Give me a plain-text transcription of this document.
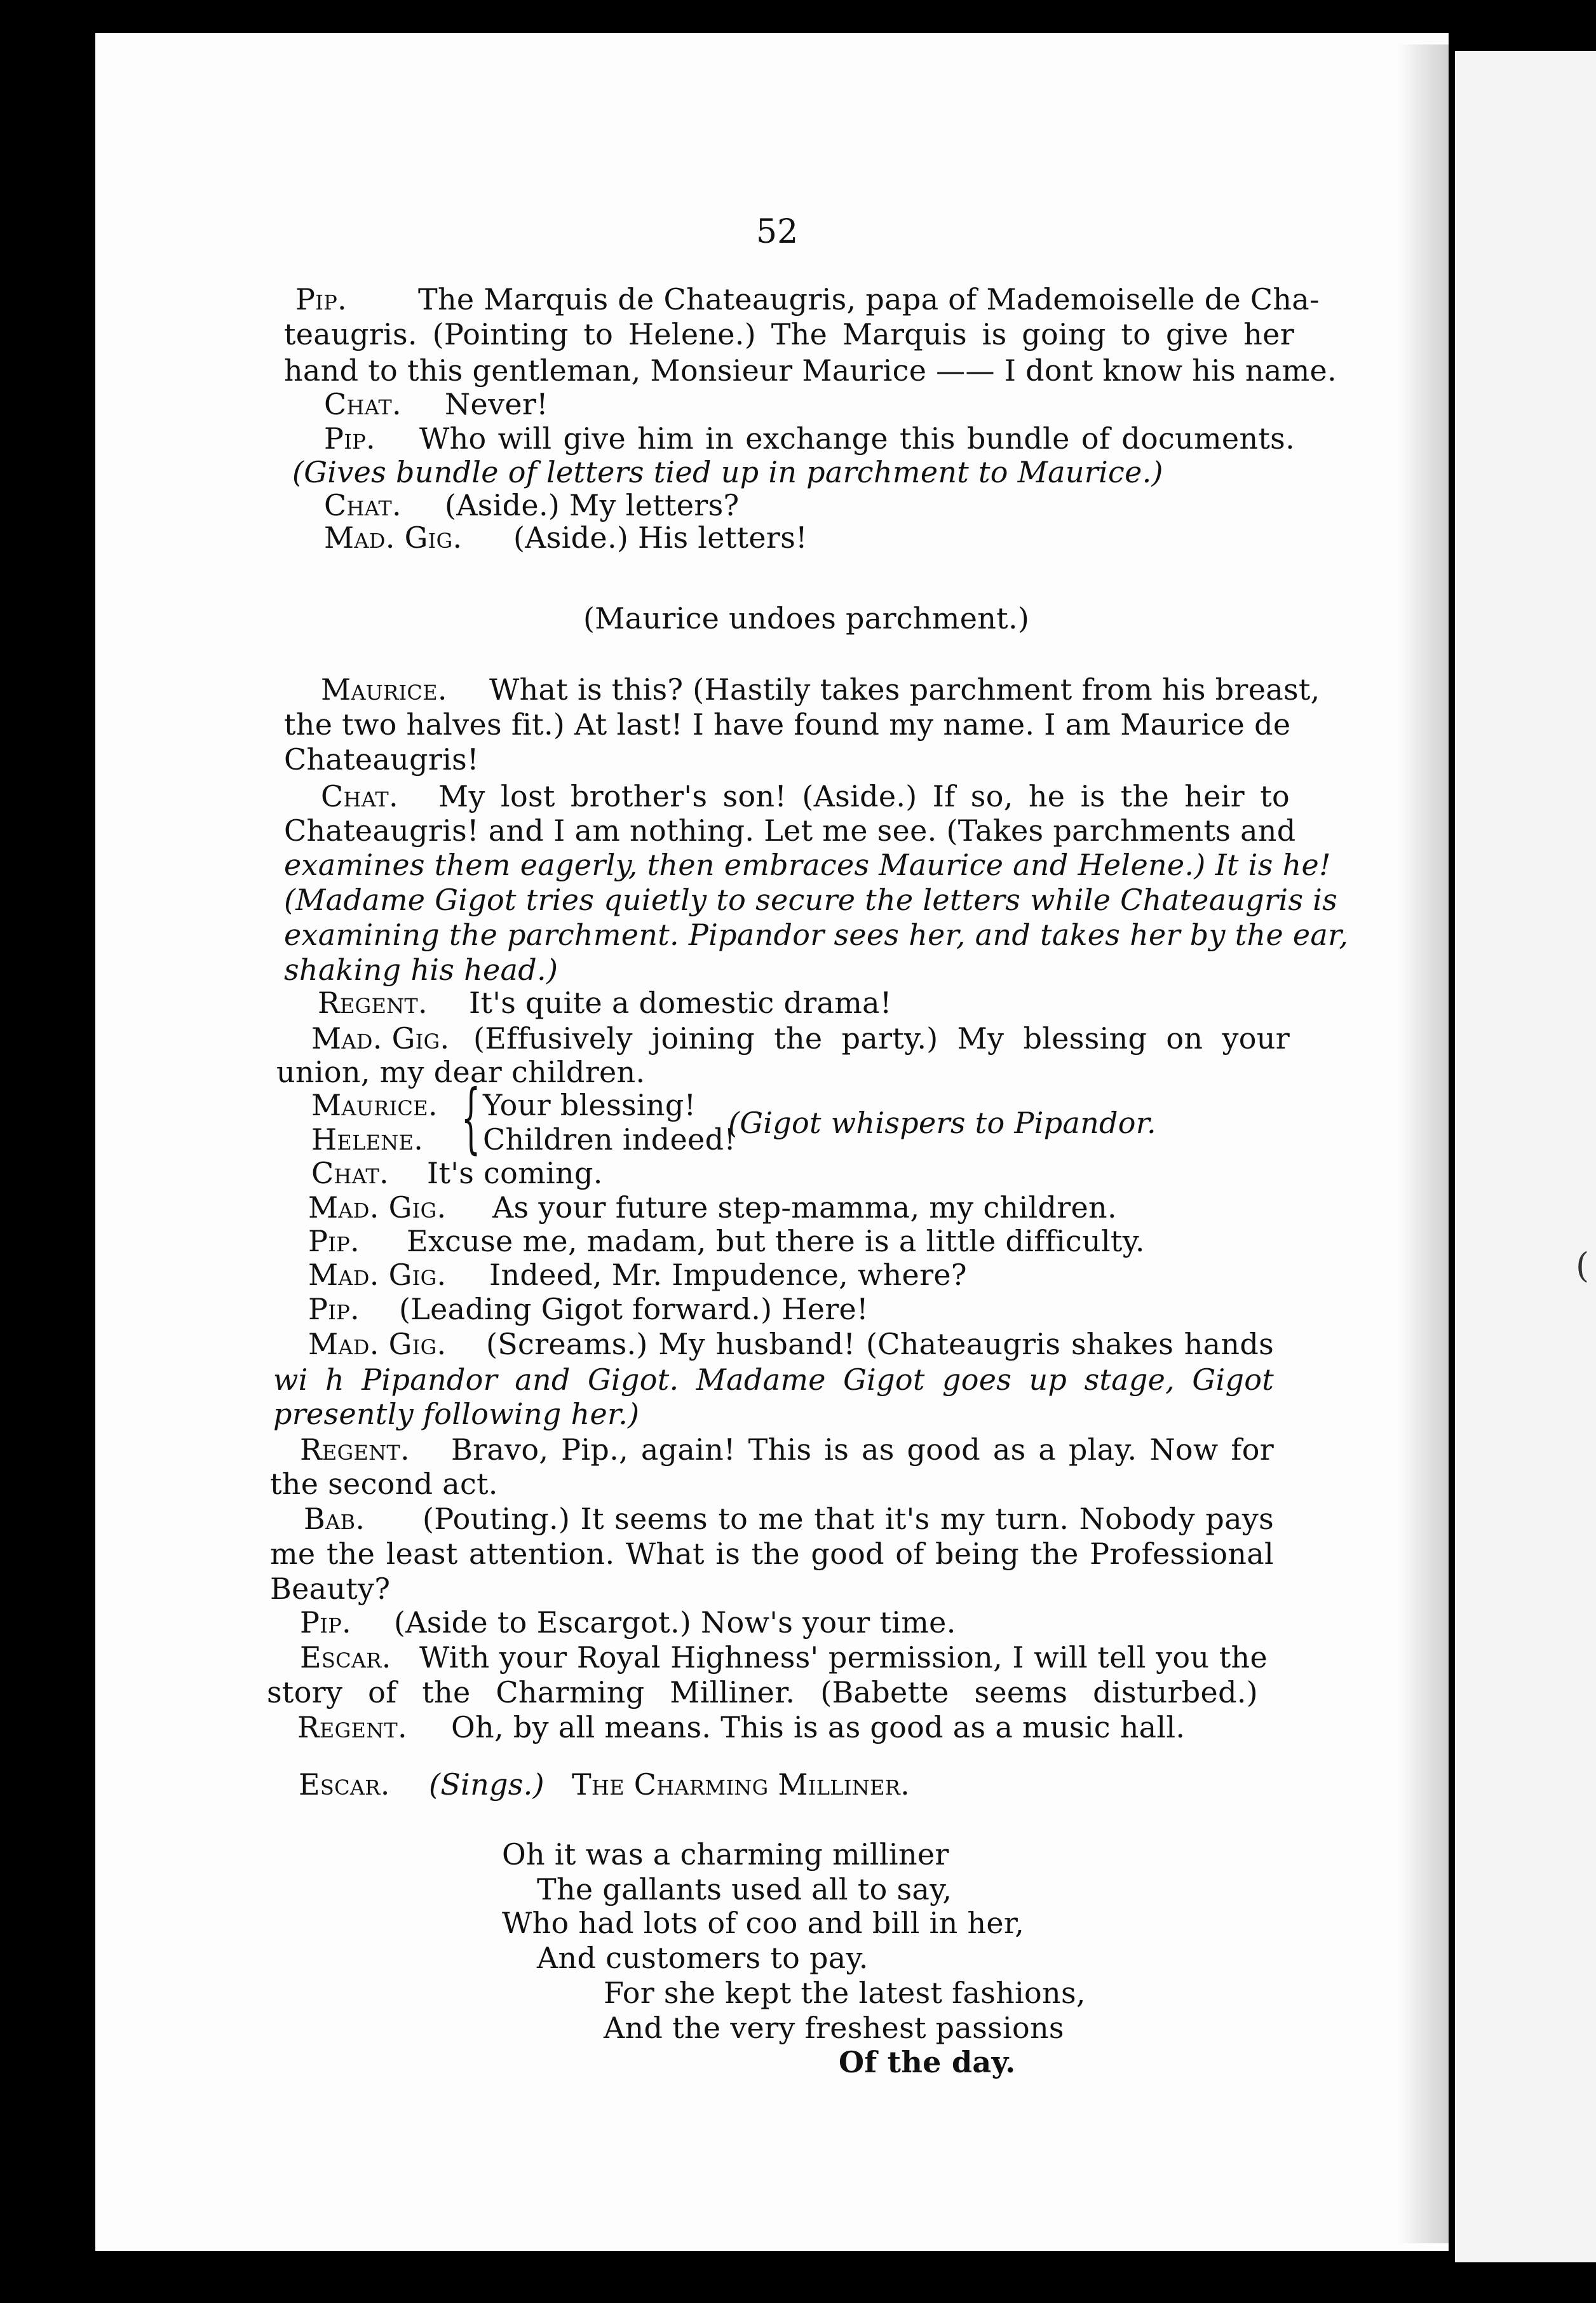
(
52
Pip. The Marquis de Chateaugris, papa of Mademoiselle de Cha-
teaugris. (Pointing to Helene.) The Marquis is going to give her
hand to this gentleman, Monsieur Maurice —— I dont know his name.
Chat. Never!
Pip. Who will give him in exchange this bundle of documents.
(Gives bundle of letters tied up in parchment to Maurice.)
Chat. (Aside.) My letters?
Mad. Gig. (Aside.) His letters!
(Maurice undoes parchment.)
Maurice. What is this? (Hastily takes parchment from his breast,
the two halves fit.) At last! I have found my name. I am Maurice de
Chateaugris!
Chat. My lost brother's son! (Aside.) If so, he is the heir to
Chateaugris! and I am nothing. Let me see. (Takes parchments and
examines them eagerly, then embraces Maurice and Helene.) It is he!
(Madame Gigot tries quietly to secure the letters while Chateaugris is
examining the parchment. Pipandor sees her, and takes her by the ear,
shaking his head.)
Regent. It's quite a domestic drama!
Mad. Gig. (Effusively joining the party.) My blessing on your
union, my dear children.
Maurice. Your blessing!
Helene. Children indeed!
{	(Gigot whispers to Pipandor.
Chat. It's coming.
Mad. Gig. As your future step-mamma, my children.
Pip. Excuse me, madam, but there is a little difficulty.
Mad. Gig. Indeed, Mr. Impudence, where?
Pip. (Leading Gigot forward.) Here!
Mad. Gig. (Screams.) My husband! (Chateaugris shakes hands
wi h Pipandor and Gigot. Madame Gigot goes up stage, Gigot
presently following her.)
Regent. Bravo, Pip., again! This is as good as a play. Now for
the second act.
Bab. (Pouting.) It seems to me that it's my turn. Nobody pays
me the least attention. What is the good of being the Professional
Beauty?
Pip. (Aside to Escargot.) Now's your time.
Escar. With your Royal Highness' permission, I will tell you the
story of the Charming Milliner. (Babette seems disturbed.)
Regent. Oh, by all means. This is as good as a music hall.
Escar. (Sings.) The Charming Milliner.
Oh it was a charming milliner
The gallants used all to say,
Who had lots of coo and bill in her,
And customers to pay.
For she kept the latest fashions,
And the very freshest passions
Of the day.
